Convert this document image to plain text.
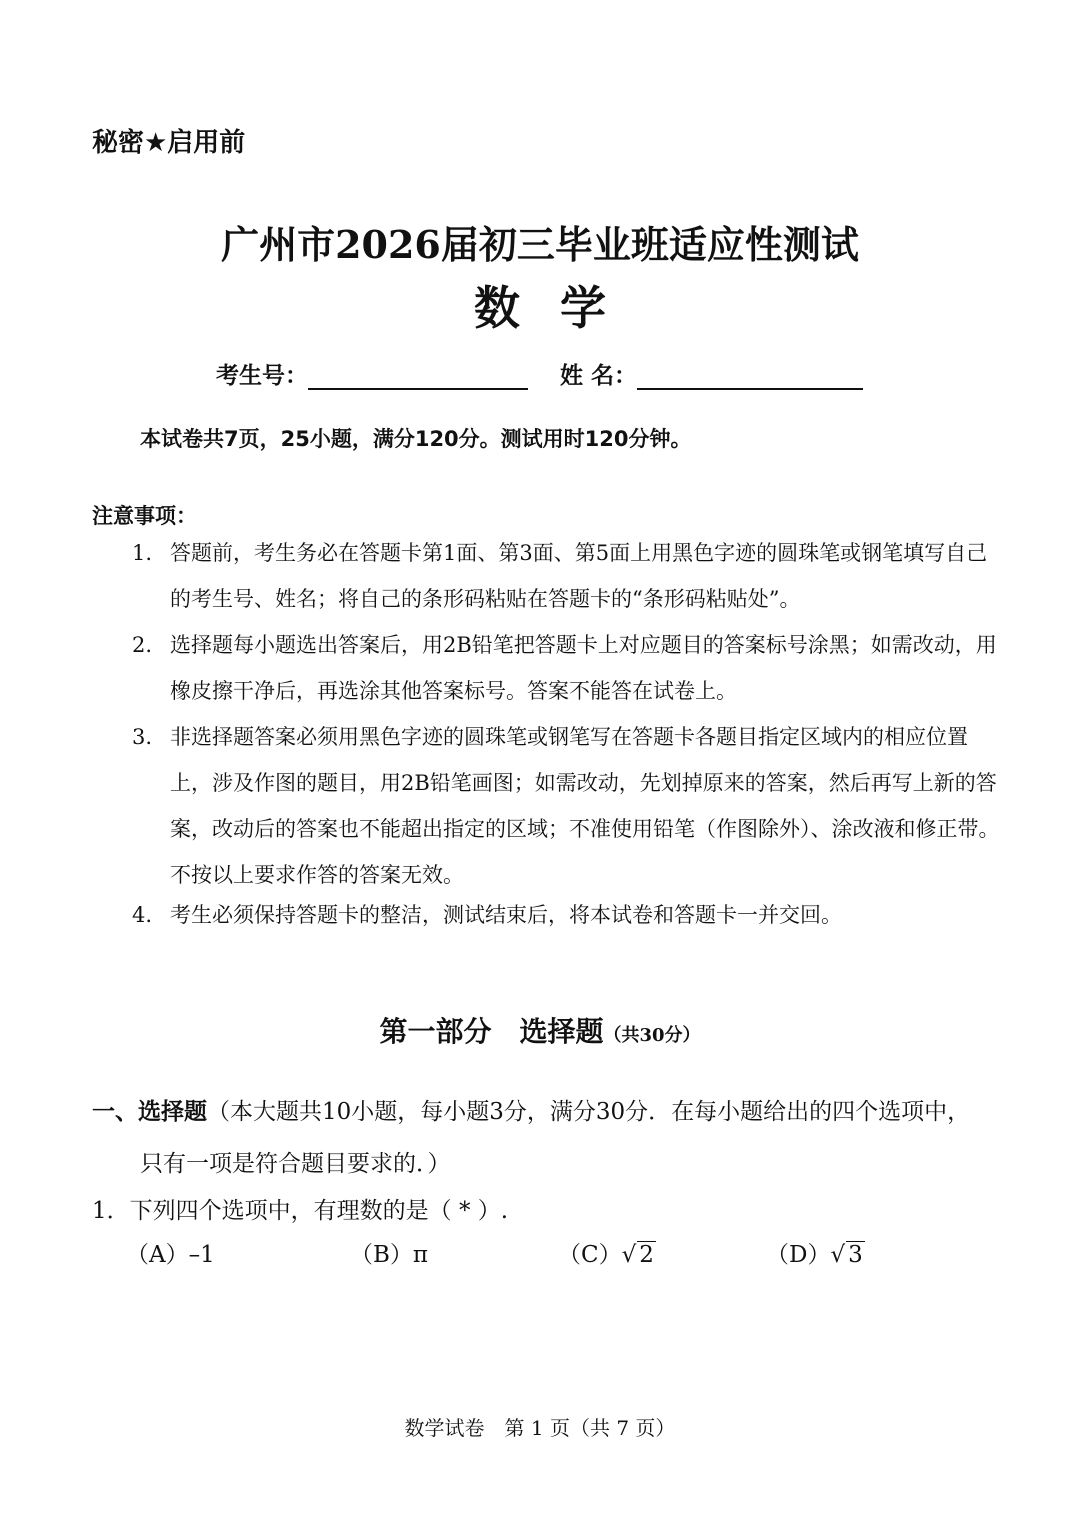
秘密★启用前
广州市2026届初三毕业班适应性测试
数学
考生号：	姓 名：
本试卷共7页，25小题，满分120分。测试用时120分钟。
注意事项：
1. 答题前，考生务必在答题卡第1面、第3面、第5面上用黑色字迹的圆珠笔或钢笔填写自己的考生号、姓名；将自己的条形码粘贴在答题卡的“条形码粘贴处”。
2. 选择题每小题选出答案后，用2B铅笔把答题卡上对应题目的答案标号涂黑；如需改动，用橡皮擦干净后，再选涂其他答案标号。答案不能答在试卷上。
3. 非选择题答案必须用黑色字迹的圆珠笔或钢笔写在答题卡各题目指定区域内的相应位置上，涉及作图的题目，用2B铅笔画图；如需改动，先划掉原来的答案，然后再写上新的答案，改动后的答案也不能超出指定的区域；不准使用铅笔（作图除外）、涂改液和修正带。不按以上要求作答的答案无效。
4. 考生必须保持答题卡的整洁，测试结束后，将本试卷和答题卡一并交回。
第一部分　选择题（共30分）
一、选择题（本大题共10小题，每小题3分，满分30分．在每小题给出的四个选项中，
只有一项是符合题目要求的．）
1．下列四个选项中，有理数的是（ * ）.
（A）–1	（B）π	（C）√ 2	（D）√ 3
数学试卷　第 1 页（共 7 页）
